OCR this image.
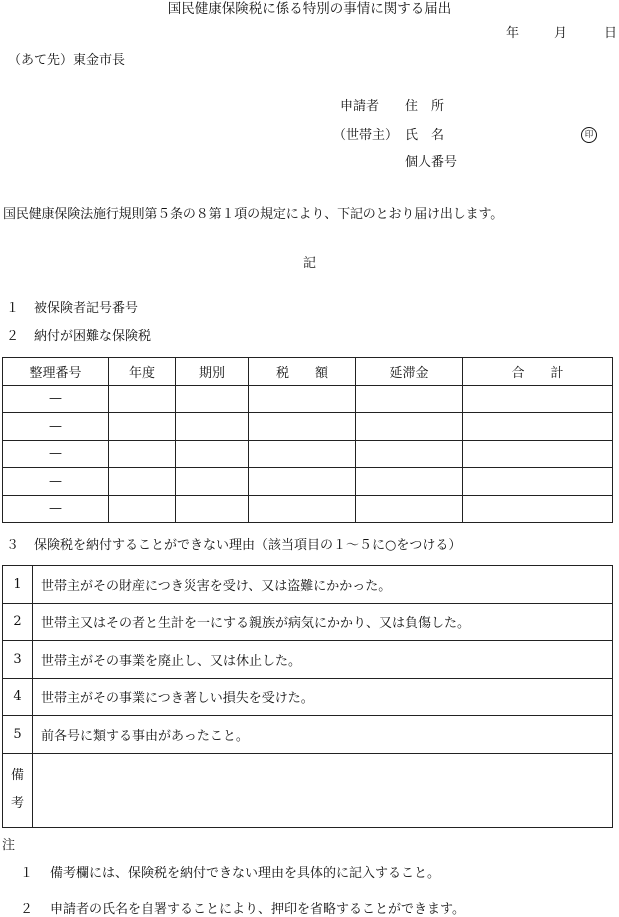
国民健康保険税に係る特別の事情に関する届出
年	月	日
（あて先）東金市長
申請者 住　所
（世帯主） 氏　名	印
個人番号
国民健康保険法施行規則第５条の８第１項の規定により、下記のとおり届け出します。
記
１ 被保険者記号番号
２ 納付が困難な保険税
整理番号	年度	期別	税　　額	延滞金	合　　計
—					
—					
—					
—					
—					
３ 保険税を納付することができない理由（該当項目の１～５に○をつける）
1	世帯主がその財産につき災害を受け、又は盗難にかかった。
2	世帯主又はその者と生計を一にする親族が病気にかかり、又は負傷した。
3	世帯主がその事業を廃止し、又は休止した。
4	世帯主がその事業につき著しい損失を受けた。
5	前各号に類する事由があったこと。

備
考	

注
１ 備考欄には、保険税を納付できない理由を具体的に記入すること。
２ 申請者の氏名を自署することにより、押印を省略することができます。
